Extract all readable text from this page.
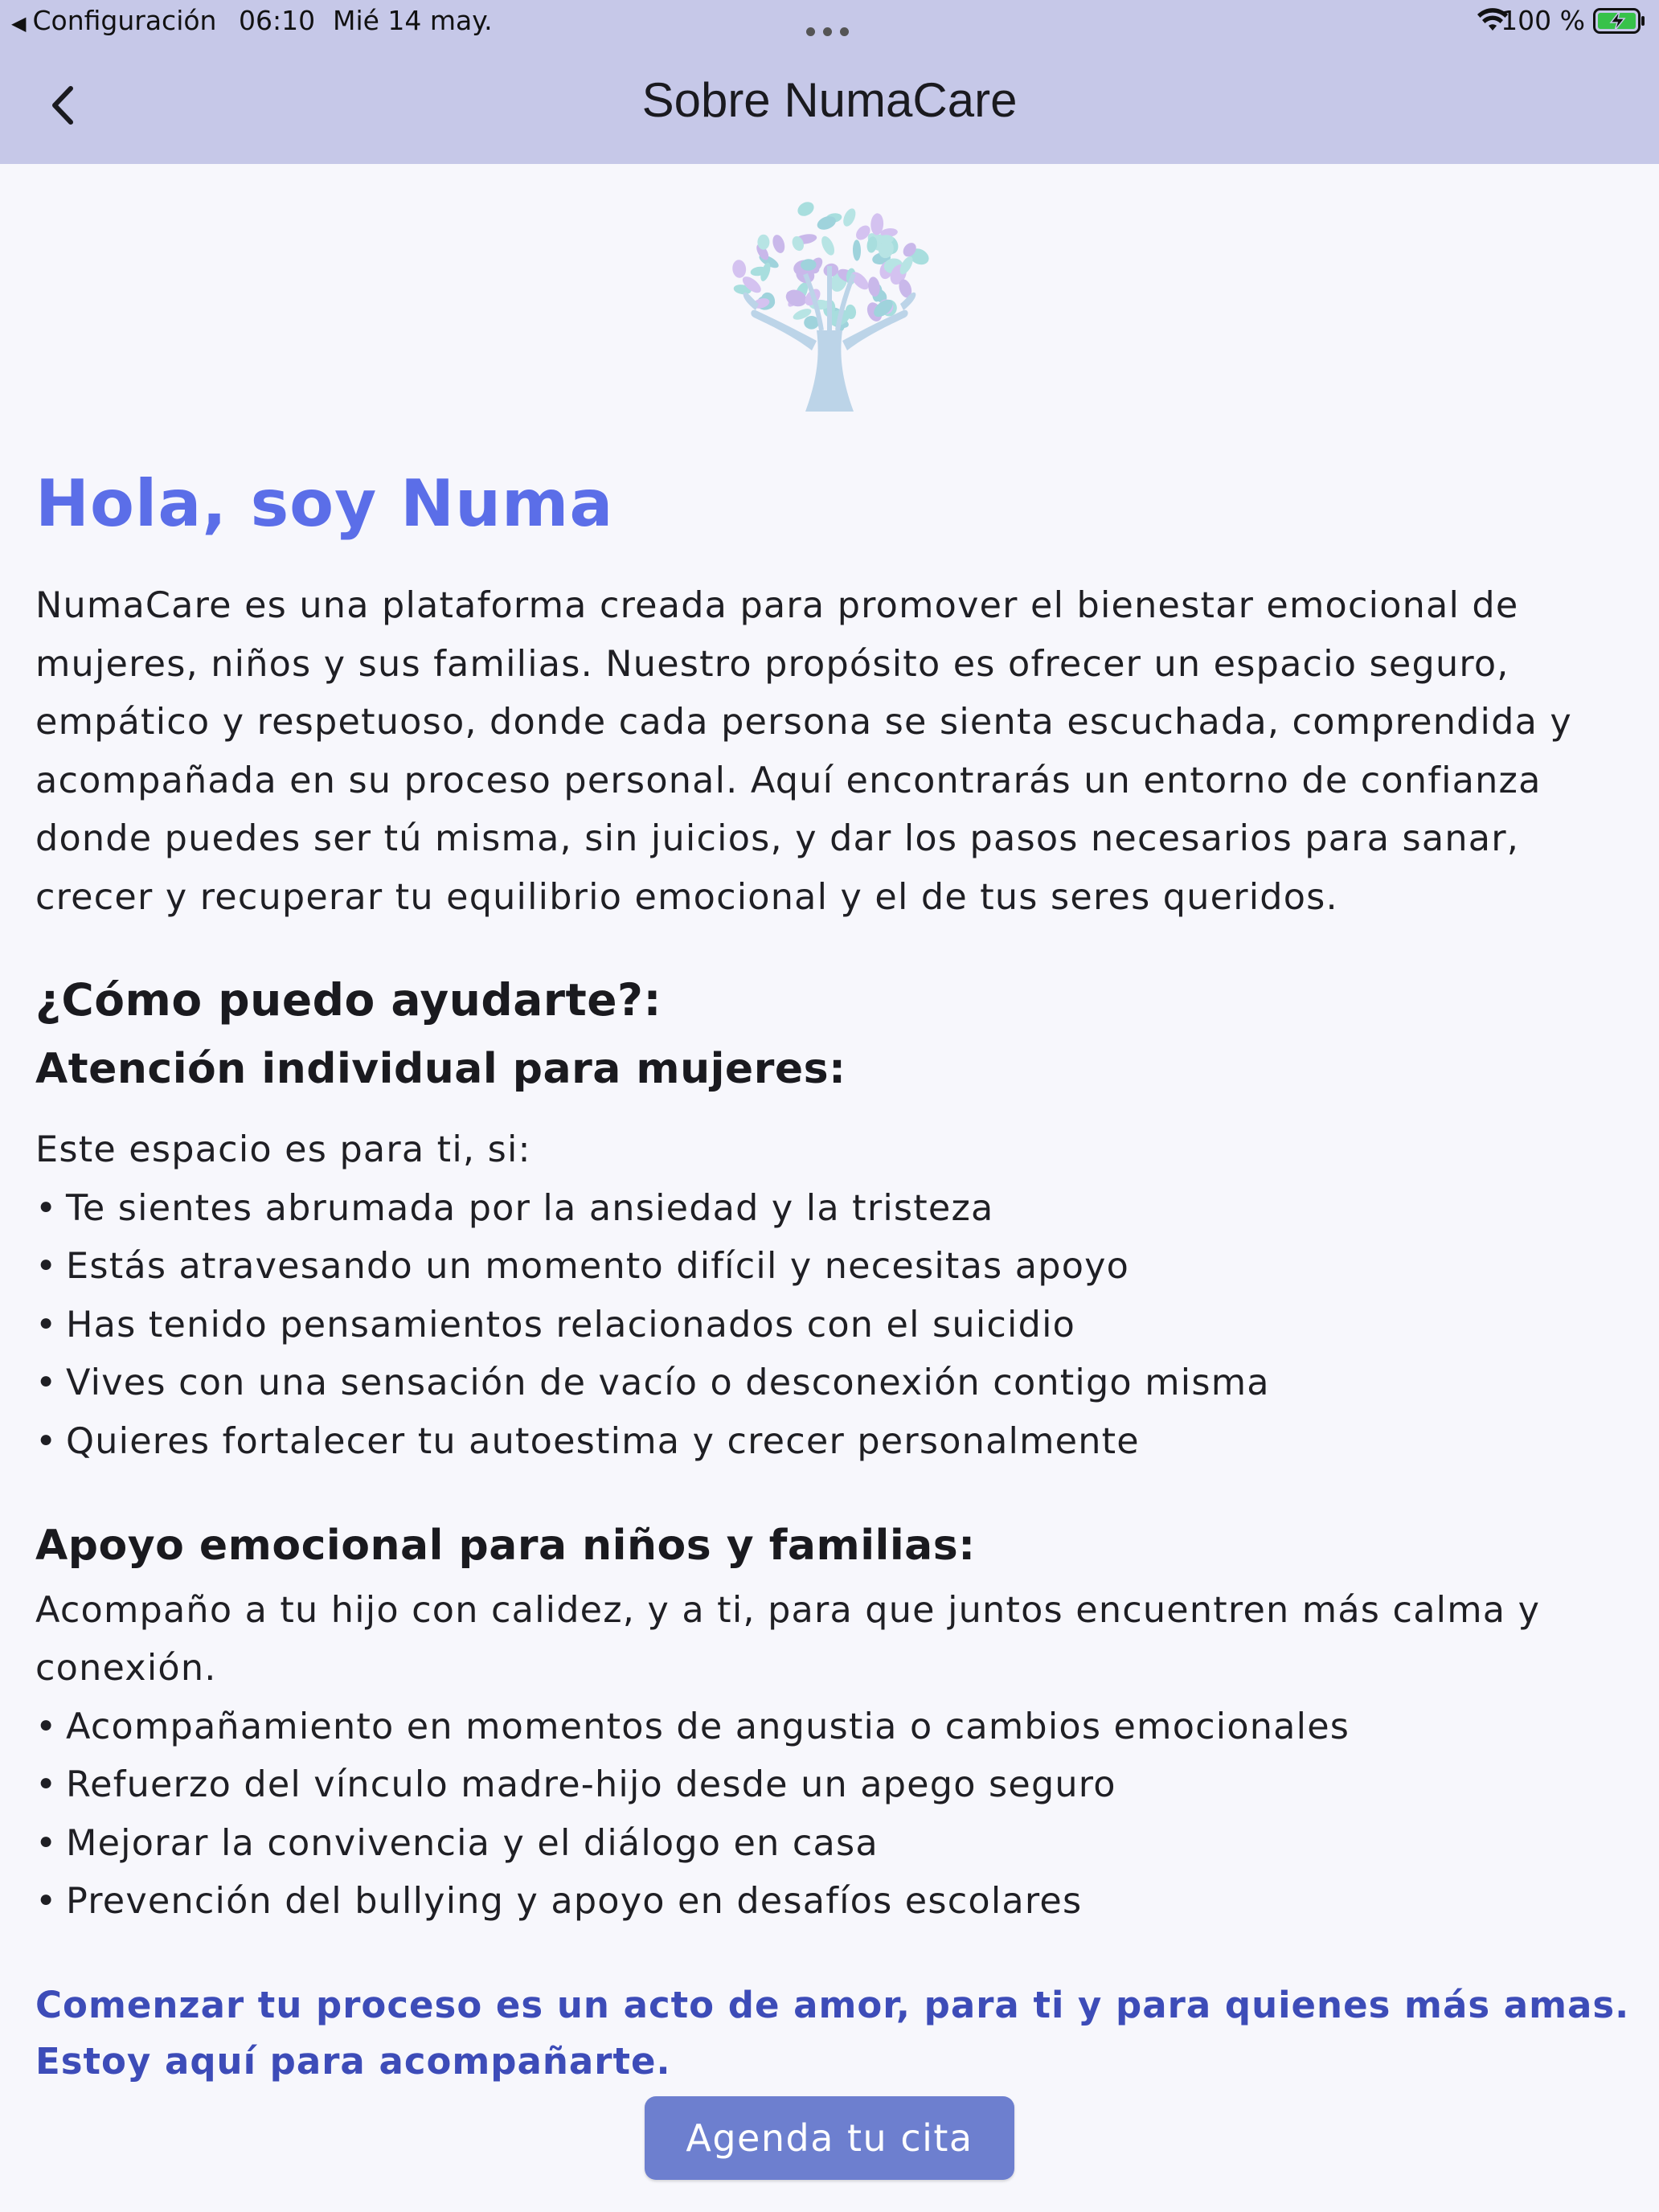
◀ Configuración 06:10 Mié 14 may.	100 %
Sobre NumaCare
Hola, soy Numa

NumaCare es una plataforma creada para promover el bienestar emocional de mujeres, niños y sus familias. Nuestro propósito es ofrecer un espacio seguro, empático y respetuoso, donde cada persona se sienta escuchada, comprendida y acompañada en su proceso personal. Aquí encontrarás un entorno de confianza donde puedes ser tú misma, sin juicios, y dar los pasos necesarios para sanar, crecer y recuperar tu equilibrio emocional y el de tus seres queridos.

¿Cómo puedo ayudarte?:
Atención individual para mujeres:

Este espacio es para ti, si:

• Te sientes abrumada por la ansiedad y la tristeza

• Estás atravesando un momento difícil y necesitas apoyo

• Has tenido pensamientos relacionados con el suicidio

• Vives con una sensación de vacío o desconexión contigo misma

• Quieres fortalecer tu autoestima y crecer personalmente

Apoyo emocional para niños y familias:

Acompaño a tu hijo con calidez, y a ti, para que juntos encuentren más calma y

conexión.

• Acompañamiento en momentos de angustia o cambios emocionales

• Refuerzo del vínculo madre-hijo desde un apego seguro

• Mejorar la convivencia y el diálogo en casa

• Prevención del bullying y apoyo en desafíos escolares

Comenzar tu proceso es un acto de amor, para ti y para quienes más amas.
Estoy aquí para acompañarte.
Agenda tu cita
